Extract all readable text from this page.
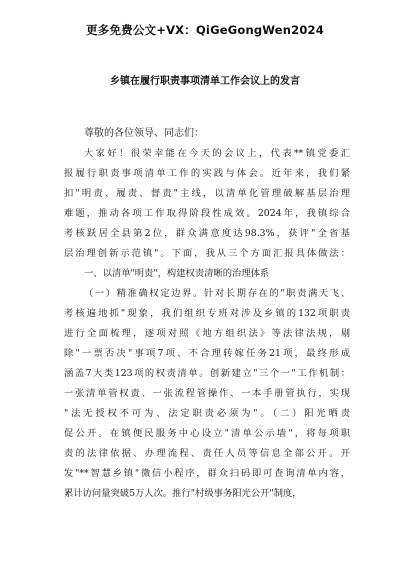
更多免费公文+VX：QiGeGongWen2024
乡镇在履行职责事项清单工作会议上的发言
尊敬的各位领导、同志们：
大家好！很荣幸能在今天的会议上，代表**镇党委汇
报履行职责事项清单工作的实践与体会。近年来，我们紧
扣"明责、履责、督责"主线，以清单化管理破解基层治理
难题，推动各项工作取得阶段性成效。2024年，我镇综合
考核跃居全县第2位，群众满意度达98.3%，获评"全省基
层治理创新示范镇"。下面，我从三个方面汇报具体做法：
一、以清单"明责"，构建权责清晰的治理体系
（一）精准确权定边界。针对长期存在的"职责满天飞、
考核遍地抓"现象，我们组织专班对涉及乡镇的132项职责
进行全面梳理，逐项对照《地方组织法》等法律法规，剔
除"一票否决"事项7项、不合理转嫁任务21项，最终形成
涵盖7大类123项的权责清单。创新建立"三个一"工作机制：
一张清单管权责、一张流程管操作、一本手册管执行，实现
"法无授权不可为、法定职责必须为"。（二）阳光晒责
促公开。在镇便民服务中心设立"清单公示墙"，将每项职
责的法律依据、办理流程、责任人员等信息全部公开。开
发"**智慧乡镇"微信小程序，群众扫码即可查询清单内容，
累计访问量突破5万人次。推行"村级事务阳光公开"制度，
